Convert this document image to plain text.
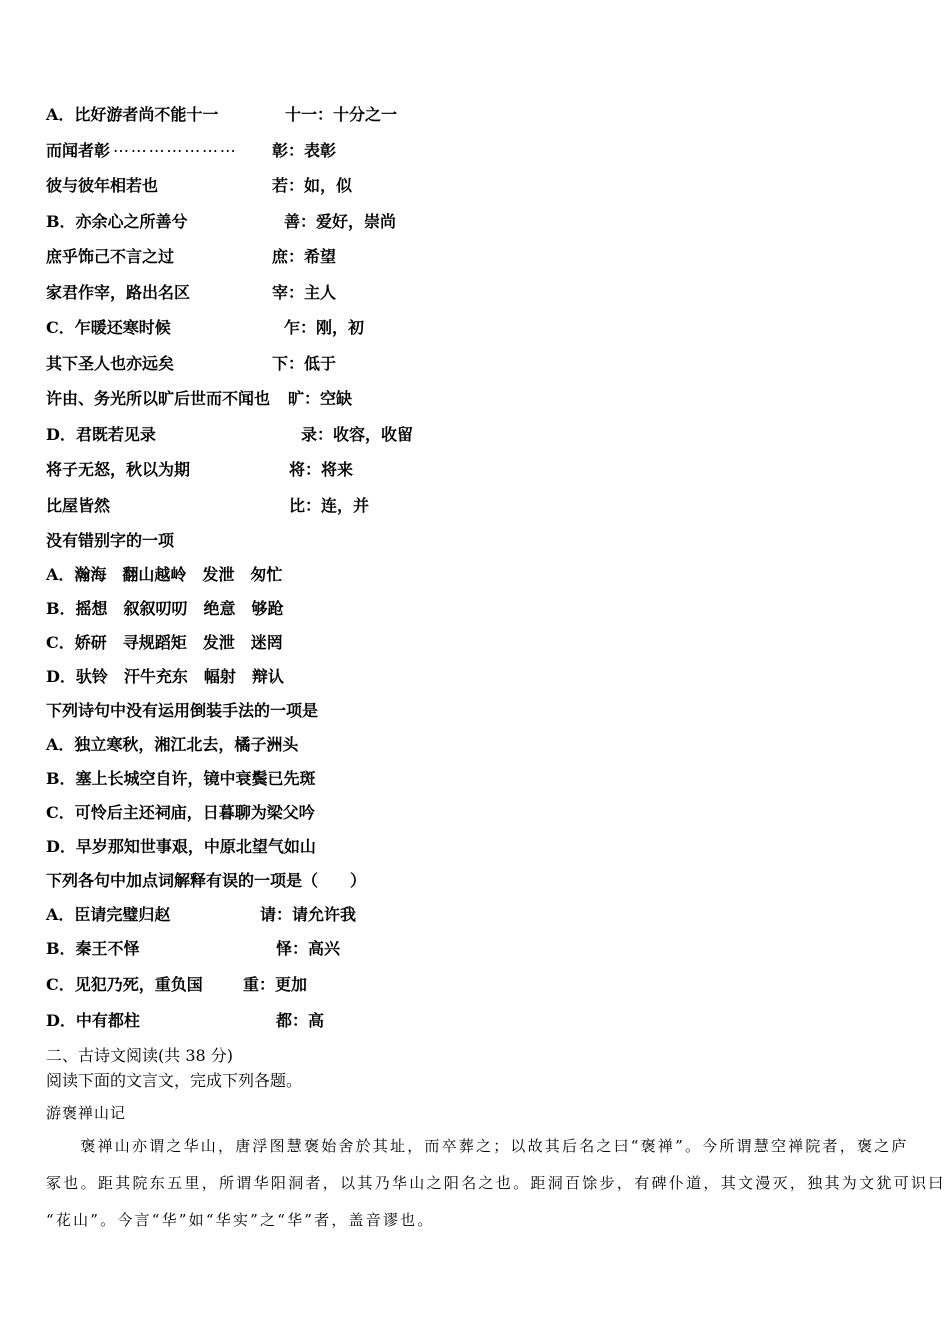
A．比好游者尚不能十一	十一：十分之一
而闻者彰 ………………… 彰：表彰
彼与彼年相若也	若：如，似
B．亦余心之所善兮	善：爱好，崇尚
庶乎饰己不言之过	庶：希望
家君作宰，路出名区	宰：主人
C．乍暖还寒时候	乍：刚，初
其下圣人也亦远矣	下：低于
许由、务光所以旷后世而不闻也 旷：空缺
D．君既若见录	录：收容，收留
将子无怒，秋以为期	将：将来
比屋皆然	比：连，并
没有错别字的一项
A．瀚海　翻山越岭　发泄　匆忙
B．摇想　叙叙叨叨　绝意　够跄
C．娇研　寻规蹈矩　发泄　迷罔
D．驮铃　汗牛充东　幅射　辩认
下列诗句中没有运用倒装手法的一项是
A．独立寒秋，湘江北去，橘子洲头
B．塞上长城空自许，镜中衰鬓已先斑
C．可怜后主还祠庙，日暮聊为梁父吟
D．早岁那知世事艰，中原北望气如山
下列各句中加点词解释有误的一项是（　　）
A．臣请完璧归赵	请：请允许我
B．秦王不怿	怿：高兴
C．见犯乃死，重负国	重：更加
D．中有都柱	都：高
二、古诗文阅读(共 38 分)
阅读下面的文言文，完成下列各题。
游褒禅山记
　　褒禅山亦谓之华山，唐浮图慧褒始舍於其址，而卒葬之；以故其后名之曰“褒禅”。今所谓慧空禅院者，褒之庐
冢也。距其院东五里，所谓华阳洞者，以其乃华山之阳名之也。距洞百馀步，有碑仆道，其文漫灭，独其为文犹可识曰
“花山”。今言“华”如“华实”之“华”者，盖音谬也。
